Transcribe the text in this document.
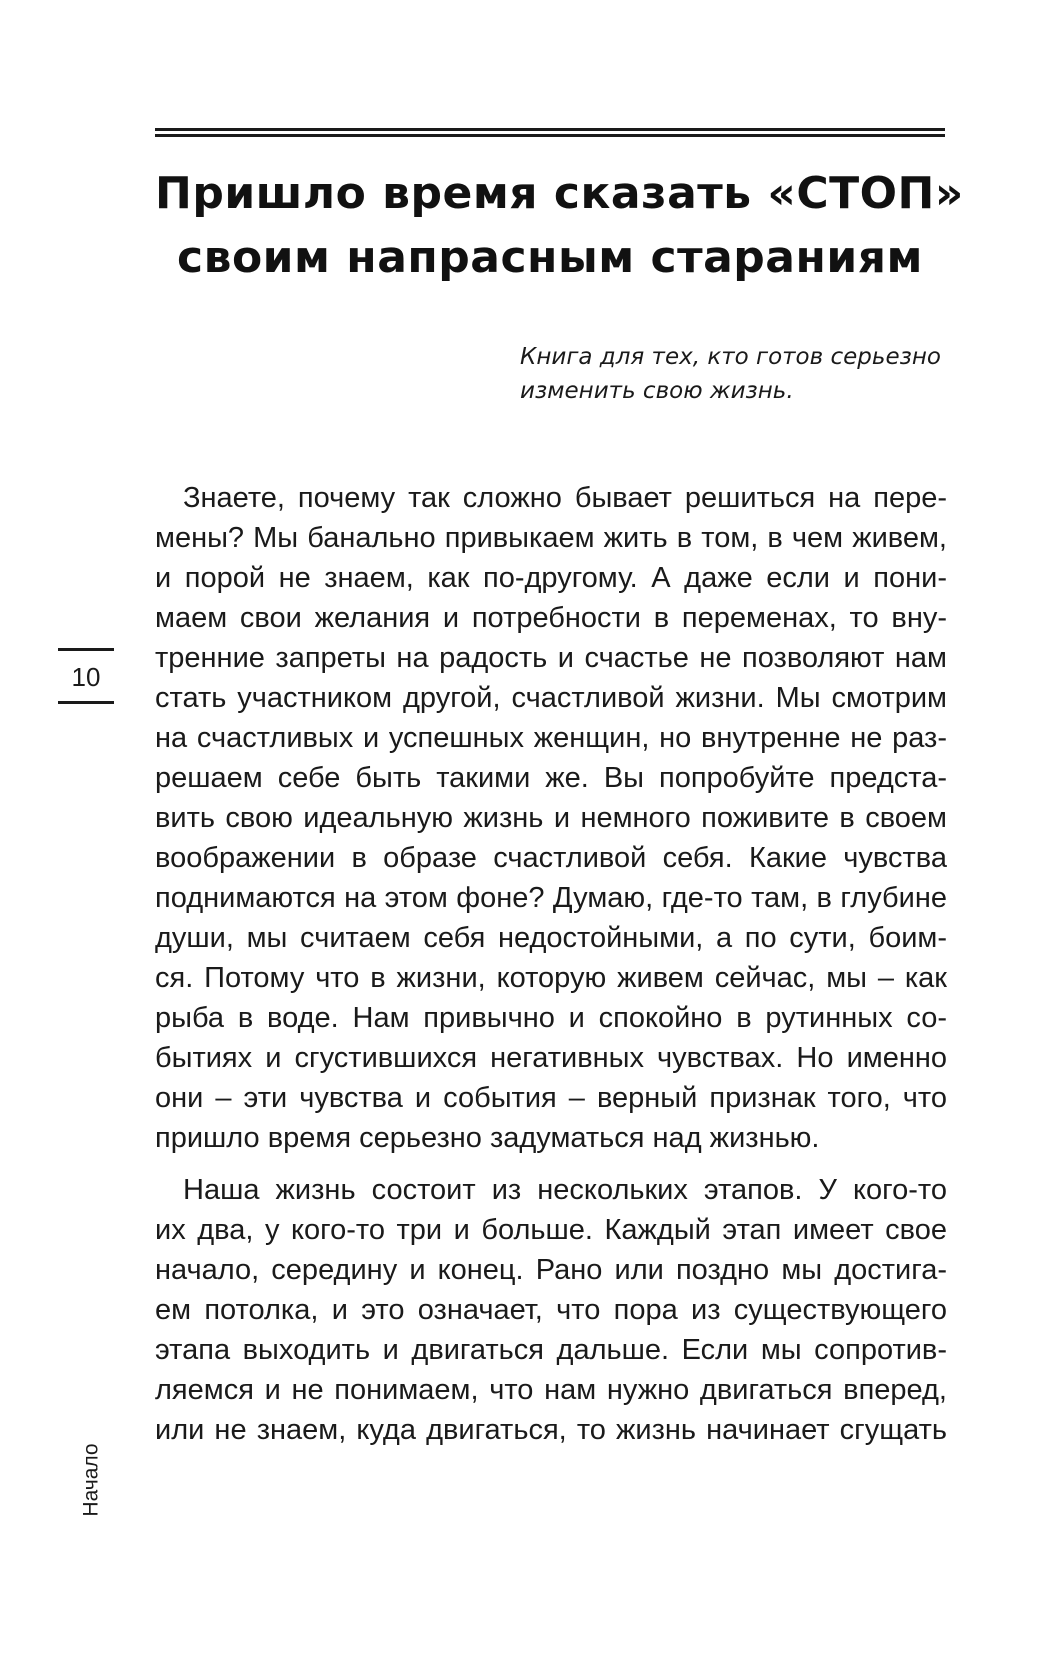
Пришло время сказать «СТОП»
своим напрасным стараниям

Книга для тех, кто готов серьезно
изменить свою жизнь.

10

Знаете, почему так сложно бывает решиться на пере-
мены? Мы банально привыкаем жить в том, в чем живем,
и порой не знаем, как по-другому. А даже если и пони-
маем свои желания и потребности в переменах, то вну-
тренние запреты на радость и счастье не позволяют нам
стать участником другой, счастливой жизни. Мы смотрим
на счастливых и успешных женщин, но внутренне не раз-
решаем себе быть такими же. Вы попробуйте предста-
вить свою идеальную жизнь и немного поживите в своем
воображении в образе счастливой себя. Какие чувства
поднимаются на этом фоне? Думаю, где-то там, в глубине
души, мы считаем себя недостойными, а по сути, боим-
ся. Потому что в жизни, которую живем сейчас, мы – как
рыба в воде. Нам привычно и спокойно в рутинных со-
бытиях и сгустившихся негативных чувствах. Но именно
они – эти чувства и события – верный признак того, что
пришло время серьезно задуматься над жизнью.

Наша жизнь состоит из нескольких этапов. У кого-то
их два, у кого-то три и больше. Каждый этап имеет свое
начало, середину и конец. Рано или поздно мы достига-
ем потолка, и это означает, что пора из существующего
этапа выходить и двигаться дальше. Если мы сопротив-
ляемся и не понимаем, что нам нужно двигаться вперед,
или не знаем, куда двигаться, то жизнь начинает сгущать

Начало
